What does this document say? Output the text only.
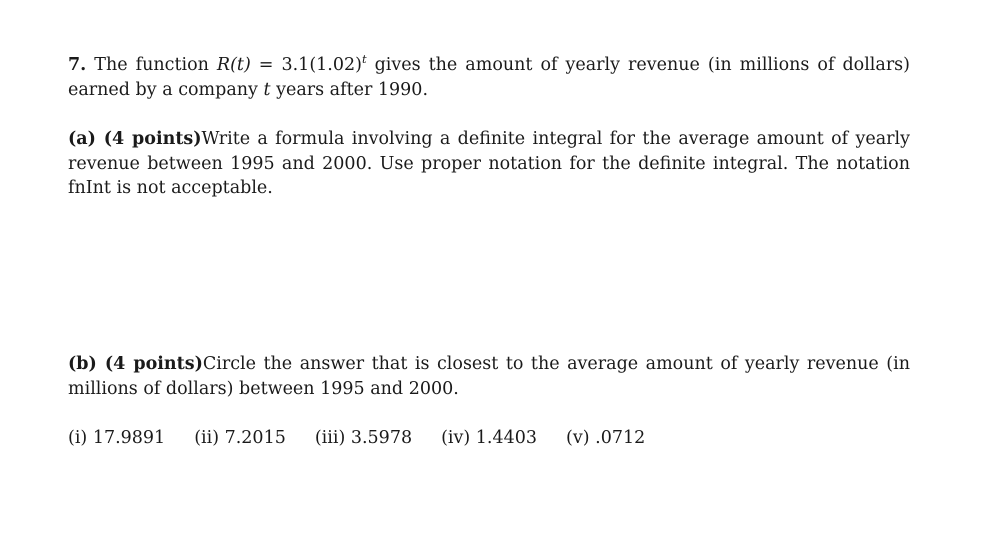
7. The function $R(t) = 3.1(1.02)^t$ gives the amount of yearly revenue (in millions of dollars) earned by a company t years after 1990.

(a) (4 points)Write a formula involving a definite integral for the average amount of yearly revenue between 1995 and 2000. Use proper notation for the definite integral. The notation fnInt is not acceptable.

(b) (4 points)Circle the answer that is closest to the average amount of yearly revenue (in millions of dollars) between 1995 and 2000.

(i) 17.9891 (ii) 7.2015 (iii) 3.5978 (iv) 1.4403 (v) .0712
